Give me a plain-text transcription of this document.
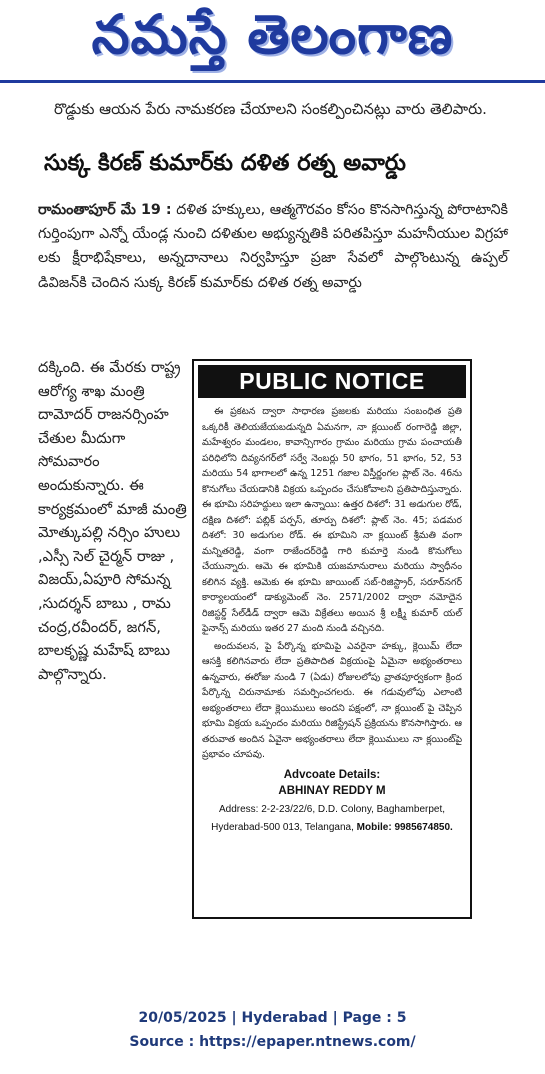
నమస్తే తెలంగాణ
రొడ్డుకు ఆయన పేరు నామకరణ చేయాలని సంకల్పించినట్లు వారు తెలిపారు.
సుక్క కిరణ్ కుమార్‌కు దళిత రత్న అవార్డు
రామంతాపూర్ మే 19 : దళిత హక్కులు, ఆత్మగౌరవం కోసం కొనసాగిస్తున్న పోరాటానికి గుర్తింపుగా ఎన్నో యేండ్ల నుంచి దళితుల అభ్యున్నతికి పరితపిస్తూ మహనీయుల విగ్రహా లకు క్షీరాభిషేకాలు, అన్నదానాలు నిర్వహిస్తూ ప్రజా సేవలో పాల్గొంటున్న ఉప్పల్ డివిజన్‌కి చెందిన సుక్క కిరణ్ కుమార్‌కు దళిత రత్న అవార్డు
దక్కింది. ఈ మేరకు రాష్ట్ర ఆరోగ్య శాఖ మంత్రి దామోదర్ రాజనర్సింహ చేతుల మీదుగా సోమవారం అందుకున్నారు. ఈ కార్యక్రమంలో మాజీ మంత్రి మోత్కుపల్లి నర్సిం హులు ,ఎస్సీ సెల్ చైర్మన్ రాజు , విజయ్,ఏపూరి సోమన్న ,సుదర్శన్ బాబు , రామ చంద్ర,రవీందర్, జగన్, బాలకృష్ణ మహేష్ బాబు పాల్గొన్నారు.
PUBLIC NOTICE

ఈ ప్రకటన ద్వారా సాధారణ ప్రజలకు మరియు సంబంధిత ప్రతి ఒక్కరికీ తెలియజేయబడున్నది ఏమనగా, నా క్లయింట్ రంగారెడ్డి జిల్లా, మహేశ్వరం మండలం, కావాన్సిగారం గ్రామం మరియు గ్రామ పంచాయతీ పరిధిలోని దివ్యనగర్‌లో సర్వే నెంబర్లు 50 భాగం, 51 భాగం, 52, 53 మరియు 54 భాగాలలో ఉన్న 1251 గజాల విస్తీర్ణంగల ప్లాట్ నెం. 46ను కొనుగోలు చేయడానికి విక్రయ ఒప్పందం చేసుకోవాలని ప్రతిపాదిస్తున్నారు. ఈ భూమి సరిహద్దులు ఇలా ఉన్నాయి: ఉత్తర దిశలో: 31 అడుగుల రోడ్, దక్షిణ దిశలో: పబ్లిక్ పర్పస్, తూర్పు దిశలో: ప్లాట్ నెం. 45; పడమర దిశలో: 30 అడుగుల రోడ్. ఈ భూమిని నా క్లయింట్ శ్రీమతి వంగా మన్నితరెడ్డి, వంగా రాజేందర్‌రెడ్డి గారి కుమార్తె నుండి కొనుగోలు చేయున్నారు. ఆమె ఈ భూమికి యజమానురాలు మరియు స్వాధీనం కలిగిన వ్యక్తి. ఆమెకు ఈ భూమి జాయింట్ సబ్-రిజిస్ట్రార్, సరూర్‌నగర్ కార్యాలయంలో డాక్యుమెంట్ నెం. 2571/2002 ద్వారా నమోదైన రిజిస్టర్డ్ సేల్‌డీడ్ ద్వారా ఆమె విక్రేతలు అయిన శ్రీ లక్ష్మీ కుమార్ యల్ ఫైనాన్స్ మరియు ఇతర 27 మంది నుండి వచ్చినది.

అందువలన, పై పేర్కొన్న భూమిపై ఎవరైనా హక్కు, క్లెయిమ్ లేదా ఆసక్తి కలిగినవారు లేదా ప్రతిపాదిత విక్రయంపై ఏమైనా అభ్యంతరాలు ఉన్నవారు, ఈరోజు నుండి 7 (ఏడు) రోజులలోపు వ్రాతపూర్వకంగా క్రింద పేర్కొన్న చిరునామాకు సమర్పించగలరు. ఈ గడువులోపు ఎలాంటి అభ్యంతరాలు లేదా క్లెయిములు అందని పక్షంలో, నా క్లయింట్ పై చెప్పిన భూమి విక్రయ ఒప్పందం మరియు రిజిస్ట్రేషన్ ప్రక్రియను కొనసాగిస్తారు. ఆ తరువాత అందిన ఏవైనా అభ్యంతరాలు లేదా క్లెయిములు నా క్లయింట్‌పై ప్రభావం చూపవు.

Advcoate Details:
ABHINAY REDDY M
Address: 2-2-23/22/6, D.D. Colony, Baghamberpet,
Hyderabad-500 013, Telangana, Mobile: 9985674850.
20/05/2025 | Hyderabad | Page : 5
Source : https://epaper.ntnews.com/
